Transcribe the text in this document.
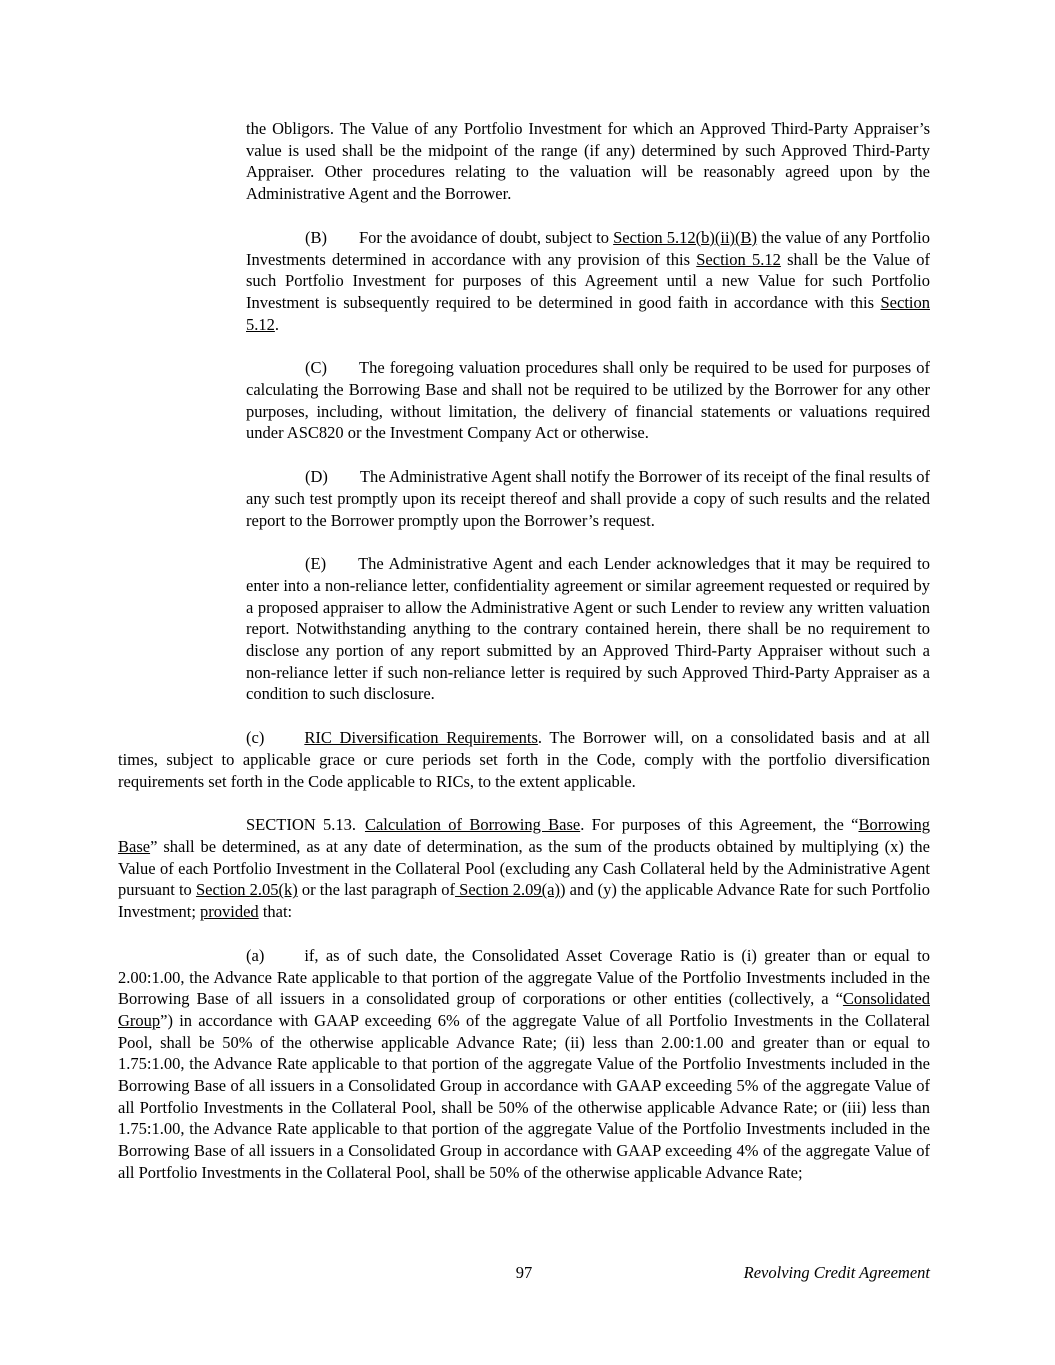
the Obligors. The Value of any Portfolio Investment for which an Approved Third-Party Appraiser’s value is used shall be the midpoint of the range (if any) determined by such Approved Third-Party Appraiser. Other procedures relating to the valuation will be reasonably agreed upon by the Administrative Agent and the Borrower.

(B) For the avoidance of doubt, subject to Section 5.12(b)(ii)(B) the value of any Portfolio Investments determined in accordance with any provision of this Section 5.12 shall be the Value of such Portfolio Investment for purposes of this Agreement until a new Value for such Portfolio Investment is subsequently required to be determined in good faith in accordance with this Section 5.12.

(C) The foregoing valuation procedures shall only be required to be used for purposes of calculating the Borrowing Base and shall not be required to be utilized by the Borrower for any other purposes, including, without limitation, the delivery of financial statements or valuations required under ASC820 or the Investment Company Act or otherwise.

(D) The Administrative Agent shall notify the Borrower of its receipt of the final results of any such test promptly upon its receipt thereof and shall provide a copy of such results and the related report to the Borrower promptly upon the Borrower’s request.

(E) The Administrative Agent and each Lender acknowledges that it may be required to enter into a non-reliance letter, confidentiality agreement or similar agreement requested or required by a proposed appraiser to allow the Administrative Agent or such Lender to review any written valuation report. Notwithstanding anything to the contrary contained herein, there shall be no requirement to disclose any portion of any report submitted by an Approved Third-Party Appraiser without such a non-reliance letter if such non-reliance letter is required by such Approved Third-Party Appraiser as a condition to such disclosure.

(c) RIC Diversification Requirements. The Borrower will, on a consolidated basis and at all times, subject to applicable grace or cure periods set forth in the Code, comply with the portfolio diversification requirements set forth in the Code applicable to RICs, to the extent applicable.

SECTION 5.13. Calculation of Borrowing Base. For purposes of this Agreement, the “Borrowing Base” shall be determined, as at any date of determination, as the sum of the products obtained by multiplying (x) the Value of each Portfolio Investment in the Collateral Pool (excluding any Cash Collateral held by the Administrative Agent pursuant to Section 2.05(k) or the last paragraph of Section 2.09(a)) and (y) the applicable Advance Rate for such Portfolio Investment; provided that:

(a) if, as of such date, the Consolidated Asset Coverage Ratio is (i) greater than or equal to 2.00:1.00, the Advance Rate applicable to that portion of the aggregate Value of the Portfolio Investments included in the Borrowing Base of all issuers in a consolidated group of corporations or other entities (collectively, a “Consolidated Group”) in accordance with GAAP exceeding 6% of the aggregate Value of all Portfolio Investments in the Collateral Pool, shall be 50% of the otherwise applicable Advance Rate; (ii) less than 2.00:1.00 and greater than or equal to 1.75:1.00, the Advance Rate applicable to that portion of the aggregate Value of the Portfolio Investments included in the Borrowing Base of all issuers in a Consolidated Group in accordance with GAAP exceeding 5% of the aggregate Value of all Portfolio Investments in the Collateral Pool, shall be 50% of the otherwise applicable Advance Rate; or (iii) less than 1.75:1.00, the Advance Rate applicable to that portion of the aggregate Value of the Portfolio Investments included in the Borrowing Base of all issuers in a Consolidated Group in accordance with GAAP exceeding 4% of the aggregate Value of all Portfolio Investments in the Collateral Pool, shall be 50% of the otherwise applicable Advance Rate;

97	Revolving Credit Agreement
